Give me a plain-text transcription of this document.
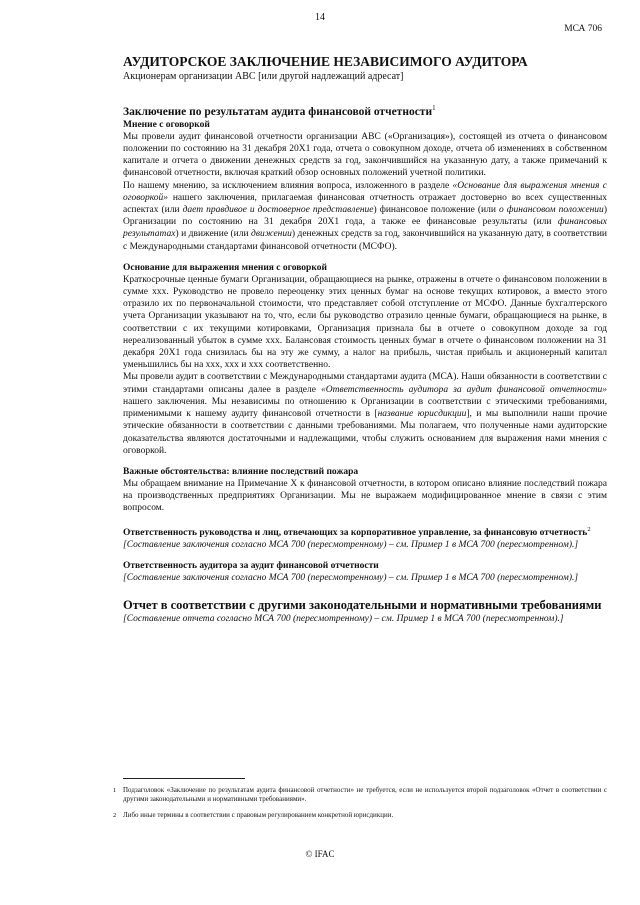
14
МСА 706
АУДИТОРСКОЕ ЗАКЛЮЧЕНИЕ НЕЗАВИСИМОГО АУДИТОРА

Акционерам организации АВС [или другой надлежащий адресат]

Заключение по результатам аудита финансовой отчетности$^1$
Мнение с оговоркой

Мы провели аудит финансовой отчетности организации АВС («Организация»), состоящей из отчета о финансовом положении по состоянию на 31 декабря 20Х1 года, отчета о совокупном доходе, отчета об изменениях в собственном капитале и отчета о движении денежных средств за год, закончившийся на указанную дату, а также примечаний к финансовой отчетности, включая краткий обзор основных положений учетной политики.

По нашему мнению, за исключением влияния вопроса, изложенного в разделе «Основание для выражения мнения с оговоркой» нашего заключения, прилагаемая финансовая отчетность отражает достоверно во всех существенных аспектах (или дает правдивое и достоверное представление) финансовое положение (или о финансовом положении) Организации по состоянию на 31 декабря 20Х1 года, а также ее финансовые результаты (или финансовых результатах) и движение (или движении) денежных средств за год, закончившийся на указанную дату, в соответствии с Международными стандартами финансовой отчетности (МСФО).

Основание для выражения мнения с оговоркой

Краткосрочные ценные бумаги Организации, обращающиеся на рынке, отражены в отчете о финансовом положении в сумме ххх. Руководство не провело переоценку этих ценных бумаг на основе текущих котировок, а вместо этого отразило их по первоначальной стоимости, что представляет собой отступление от МСФО. Данные бухгалтерского учета Организации указывают на то, что, если бы руководство отразило ценные бумаги, обращающиеся на рынке, в соответствии с их текущими котировками, Организация признала бы в отчете о совокупном доходе за год нереализованный убыток в сумме ххх. Балансовая стоимость ценных бумаг в отчете о финансовом положении на 31 декабря 20Х1 года снизилась бы на эту же сумму, а налог на прибыль, чистая прибыль и акционерный капитал уменьшились бы на ххх, ххх и ххх соответственно.

Мы провели аудит в соответствии с Международными стандартами аудита (МСА). Наши обязанности в соответствии с этими стандартами описаны далее в разделе «Ответственность аудитора за аудит финансовой отчетности» нашего заключения. Мы независимы по отношению к Организации в соответствии с этическими требованиями, применимыми к нашему аудиту финансовой отчетности в [название юрисдикции], и мы выполнили наши прочие этические обязанности в соответствии с данными требованиями. Мы полагаем, что полученные нами аудиторские доказательства являются достаточными и надлежащими, чтобы служить основанием для выражения нами мнения с оговоркой.

Важные обстоятельства: влияние последствий пожара

Мы обращаем внимание на Примечание Х к финансовой отчетности, в котором описано влияние последствий пожара на производственных предприятиях Организации. Мы не выражаем модифицированное мнение в связи с этим вопросом.

Ответственность руководства и лиц, отвечающих за корпоративное управление, за финансовую отчетность$^2$

[Составление заключения согласно МСА 700 (пересмотренному) – см. Пример 1 в МСА 700 (пересмотренном).]

Ответственность аудитора за аудит финансовой отчетности

[Составление заключения согласно МСА 700 (пересмотренному) – см. Пример 1 в МСА 700 (пересмотренном).]

Отчет в соответствии с другими законодательными и нормативными требованиями

[Составление отчета согласно МСА 700 (пересмотренному) – см. Пример 1 в МСА 700 (пересмотренном).]

1 Подзаголовок «Заключение по результатам аудита финансовой отчетности» не требуется, если не используется второй подзаголовок «Отчет в соответствии с другими законодательными и нормативными требованиями».
2 Либо иные термины в соответствии с правовым регулированием конкретной юрисдикции.
© IFAC
